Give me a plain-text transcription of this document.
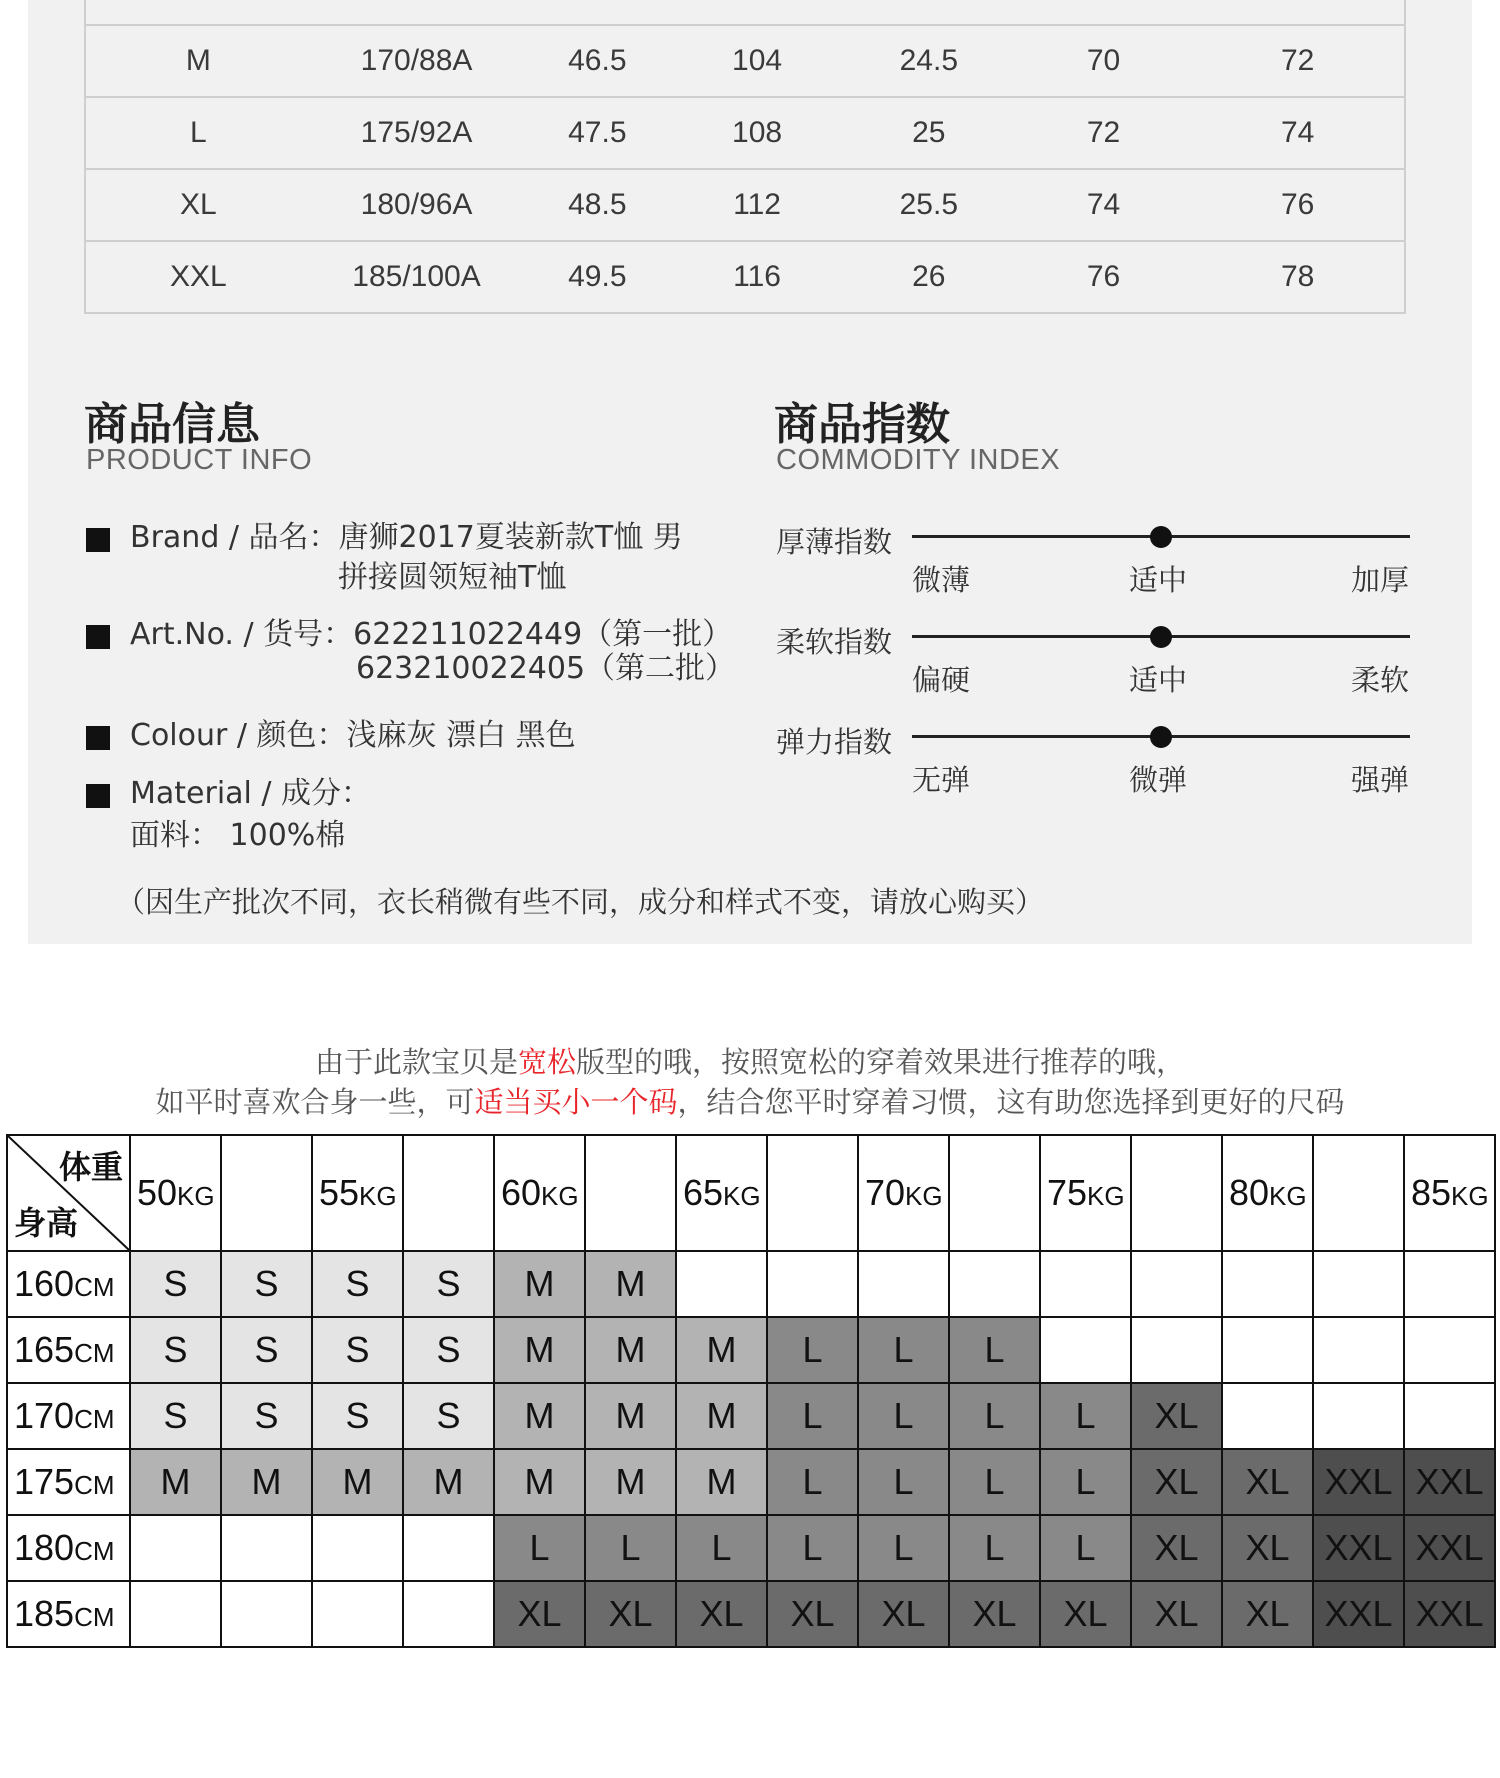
M	170/88A	46.5	104	24.5	70	72
L	175/92A	47.5	108	25	72	74
XL	180/96A	48.5	112	25.5	74	76
XXL	185/100A	49.5	116	26	76	78
商品信息
PRODUCT INFO
Brand / 品名：唐狮2017夏装新款T恤 男
拼接圆领短袖T恤
Art.No. / 货号：622211022449（第一批）
623210022405（第二批）
Colour / 颜色：浅麻灰 漂白 黑色
Material / 成分：
面料： 100%棉
（因生产批次不同，衣长稍微有些不同，成分和样式不变，请放心购买）
商品指数
COMMODITY INDEX
厚薄指数
微薄	适中	加厚
柔软指数
偏硬	适中	柔软
弹力指数
无弹	微弹	强弹
由于此款宝贝是宽松版型的哦，按照宽松的穿着效果进行推荐的哦，
如平时喜欢合身一些，可适当买小一个码，结合您平时穿着习惯，这有助您选择到更好的尺码
体重
身高	50KG		55KG		60KG		65KG		70KG		75KG		80KG		85KG
160CM	S	S	S	S	M	M									
165CM	S	S	S	S	M	M	M	L	L	L					
170CM	S	S	S	S	M	M	M	L	L	L	L	XL			
175CM	M	M	M	M	M	M	M	L	L	L	L	XL	XL	XXL	XXL
180CM					L	L	L	L	L	L	L	XL	XL	XXL	XXL
185CM					XL	XL	XL	XL	XL	XL	XL	XL	XL	XXL	XXL
